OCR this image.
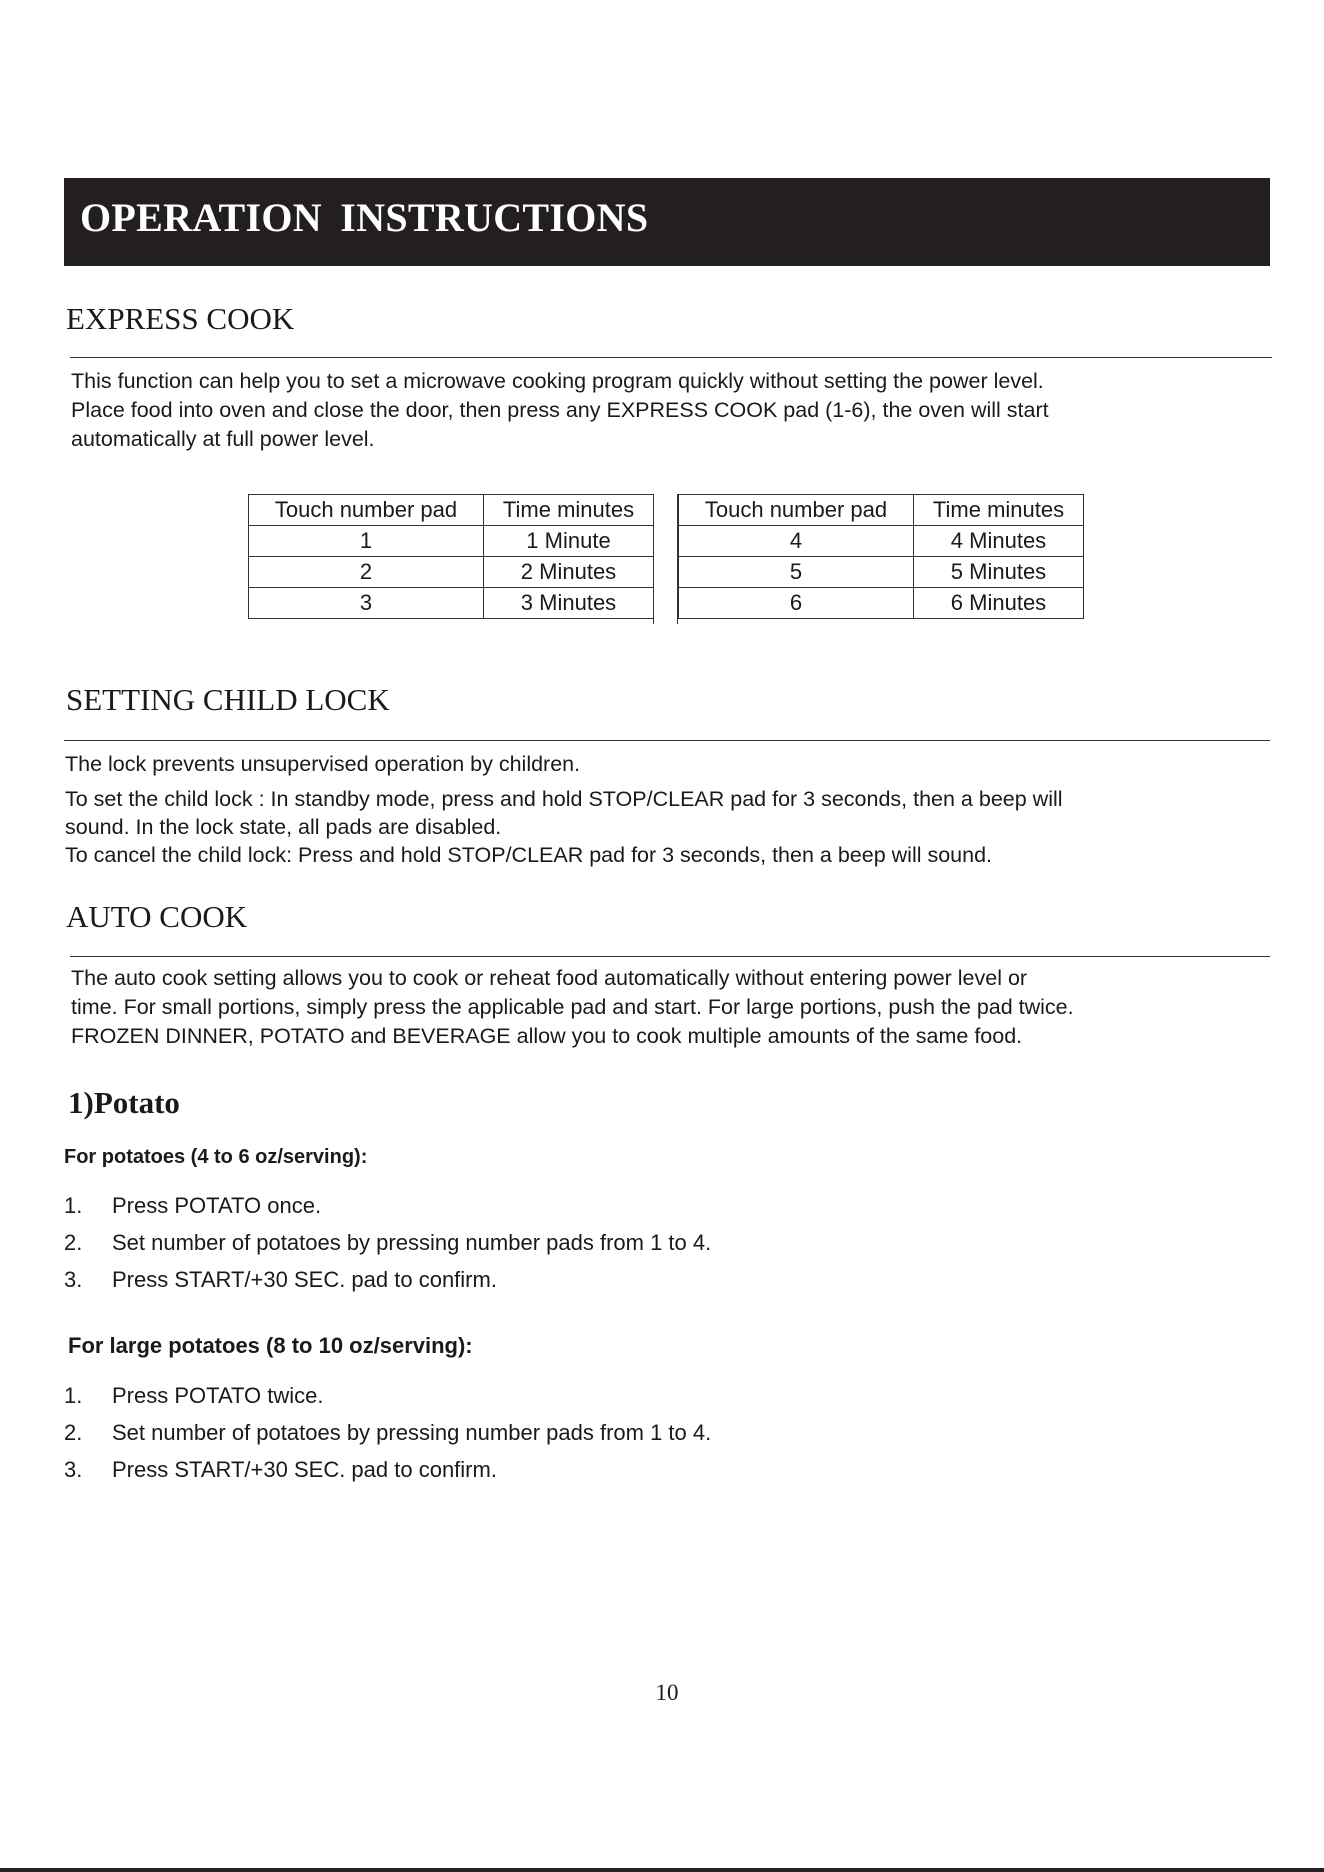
OPERATION INSTRUCTIONS
EXPRESS COOK
This function can help you to set a microwave cooking program quickly without setting the power level.
Place food into oven and close the door, then press any EXPRESS COOK pad (1-6), the oven will start
automatically at full power level.
Touch number pad	Time minutes
1	1 Minute
2	2 Minutes
3	3 Minutes
Touch number pad	Time minutes
4	4 Minutes
5	5 Minutes
6	6 Minutes
SETTING CHILD LOCK
The lock prevents unsupervised operation by children.
To set the child lock : In standby mode, press and hold STOP/CLEAR pad for 3 seconds, then a beep will
sound. In the lock state, all pads are disabled.
To cancel the child lock: Press and hold STOP/CLEAR pad for 3 seconds, then a beep will sound.
AUTO COOK
The auto cook setting allows you to cook or reheat food automatically without entering power level or
time. For small portions, simply press the applicable pad and start. For large portions, push the pad twice.
FROZEN DINNER, POTATO and BEVERAGE allow you to cook multiple amounts of the same food.
1)Potato

For potatoes (4 to 6 oz/serving):

1. Press POTATO once.
2. Set number of potatoes by pressing number pads from 1 to 4.
3. Press START/+30 SEC. pad to confirm.

For large potatoes (8 to 10 oz/serving):

1. Press POTATO twice.
2. Set number of potatoes by pressing number pads from 1 to 4.
3. Press START/+30 SEC. pad to confirm.
10
